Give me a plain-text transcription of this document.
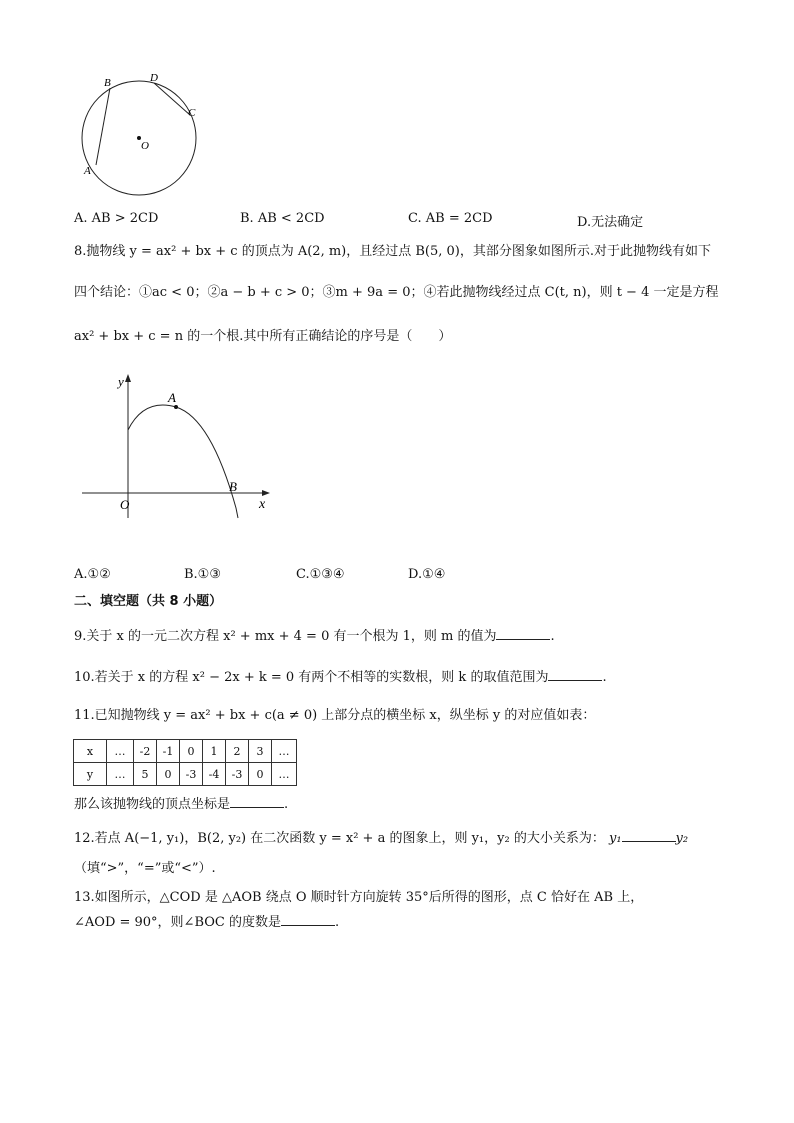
B	D
C
O
A
A. AB > 2CD	B. AB < 2CD	C. AB = 2CD	D.无法确定
8.抛物线 y = ax² + bx + c 的顶点为 A(2, m)，且经过点 B(5, 0)，其部分图象如图所示.对于此抛物线有如下
四个结论：①ac < 0；②a − b + c > 0；③m + 9a = 0；④若此抛物线经过点 C(t, n)，则 t − 4 一定是方程
ax² + bx + c = n 的一个根.其中所有正确结论的序号是（　　）
y
x
O
A
B
A.①②	B.①③	C.①③④	D.①④
二、填空题（共 8 小题）
9.关于 x 的一元二次方程 x² + mx + 4 = 0 有一个根为 1，则 m 的值为	.
10.若关于 x 的方程 x² − 2x + k = 0 有两个不相等的实数根，则 k 的取值范围为	.
11.已知抛物线 y = ax² + bx + c(a ≠ 0) 上部分点的横坐标 x，纵坐标 y 的对应值如表：
x	…	-2	-1	0	1	2	3	…
y	…	5	0	-3	-4	-3	0	…
那么该抛物线的顶点坐标是	.
12.若点 A(−1, y₁)，B(2, y₂) 在二次函数 y = x² + a 的图象上，则 y₁，y₂ 的大小关系为： y₁	y₂
（填“>”，“=”或“<”）.
13.如图所示，△COD 是 △AOB 绕点 O 顺时针方向旋转 35°后所得的图形，点 C 恰好在 AB 上，
∠AOD = 90°，则∠BOC 的度数是	.
